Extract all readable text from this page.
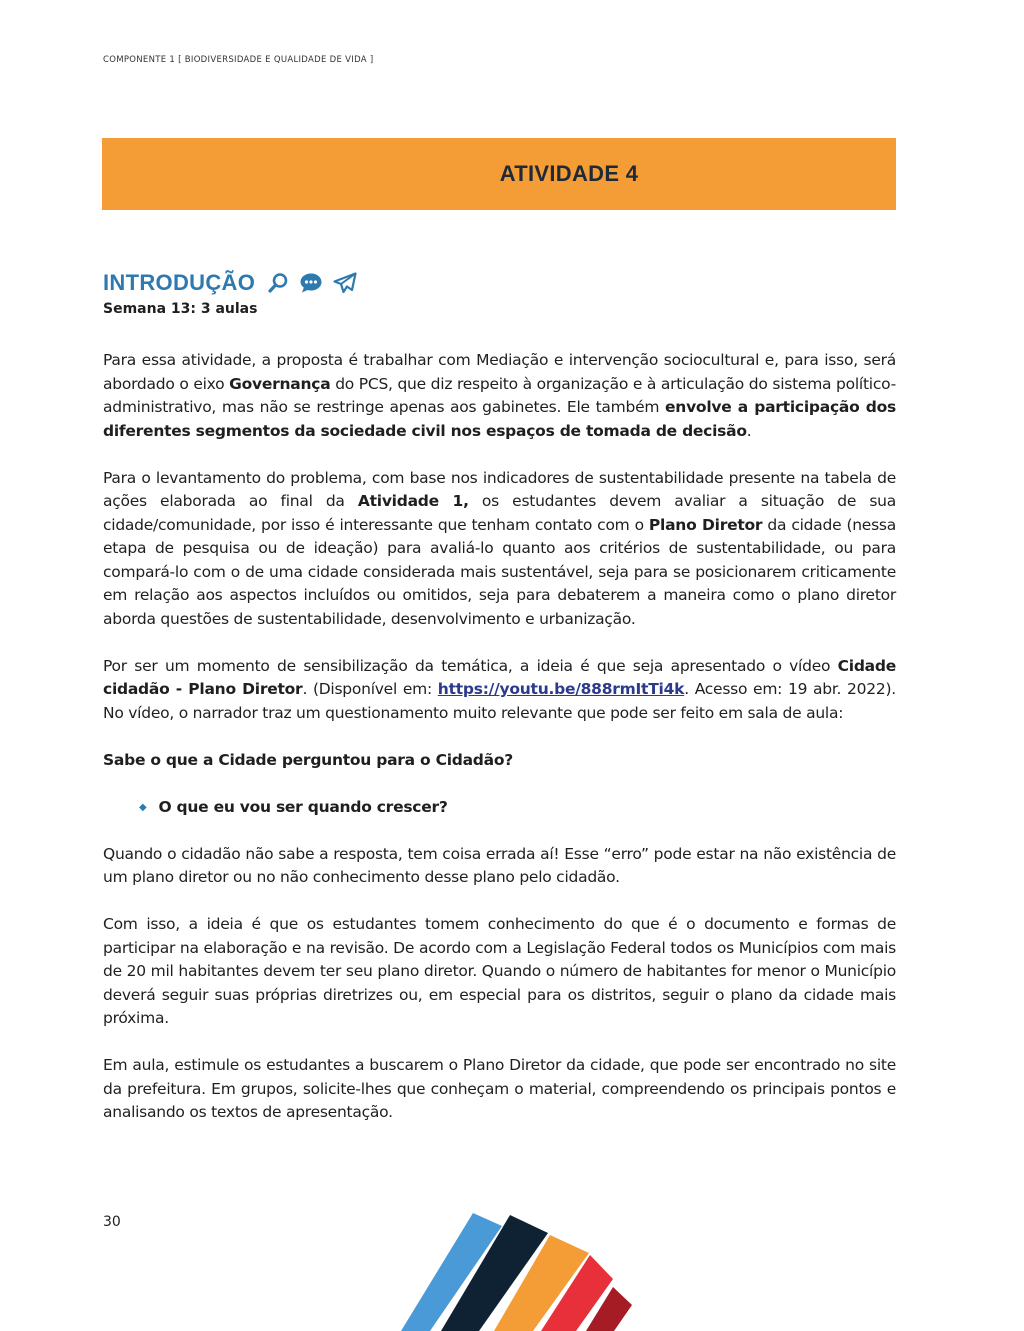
COMPONENTE 1 [ BIODIVERSIDADE E QUALIDADE DE VIDA ]
ATIVIDADE 4
INTRODUÇÃO
Semana 13: 3 aulas

Para essa atividade, a proposta é trabalhar com Mediação e intervenção sociocultural e, para isso, será abordado o eixo Governança do PCS, que diz respeito à organização e à articulação do sistema político-administrativo, mas não se restringe apenas aos gabinetes. Ele também envolve a participação dos diferentes segmentos da sociedade civil nos espaços de tomada de decisão.

Para o levantamento do problema, com base nos indicadores de sustentabilidade presente na tabela de ações elaborada ao final da Atividade 1, os estudantes devem avaliar a situação de sua cidade/comunidade, por isso é interessante que tenham contato com o Plano Diretor da cidade (nessa etapa de pesquisa ou de ideação) para avaliá-lo quanto aos critérios de sustentabilidade, ou para compará-lo com o de uma cidade considerada mais sustentável, seja para se posicionarem criticamente em relação aos aspectos incluídos ou omitidos, seja para debaterem a maneira como o plano diretor aborda questões de sustentabilidade, desenvolvimento e urbanização.

Por ser um momento de sensibilização da temática, a ideia é que seja apresentado o vídeo Cidade cidadão - Plano Diretor. (Disponível em: https://youtu.be/888rmItTi4k. Acesso em: 19 abr. 2022). No vídeo, o narrador traz um questionamento muito relevante que pode ser feito em sala de aula:

Sabe o que a Cidade perguntou para o Cidadão?
◆ O que eu vou ser quando crescer?

Quando o cidadão não sabe a resposta, tem coisa errada aí! Esse “erro” pode estar na não existência de um plano diretor ou no não conhecimento desse plano pelo cidadão.

Com isso, a ideia é que os estudantes tomem conhecimento do que é o documento e formas de participar na elaboração e na revisão. De acordo com a Legislação Federal todos os Municípios com mais de 20 mil habitantes devem ter seu plano diretor. Quando o número de habitantes for menor o Município deverá seguir suas próprias diretrizes ou, em especial para os distritos, seguir o plano da cidade mais próxima.

Em aula, estimule os estudantes a buscarem o Plano Diretor da cidade, que pode ser encontrado no site da prefeitura. Em grupos, solicite-lhes que conheçam o material, compreendendo os principais pontos e analisando os textos de apresentação.

30
